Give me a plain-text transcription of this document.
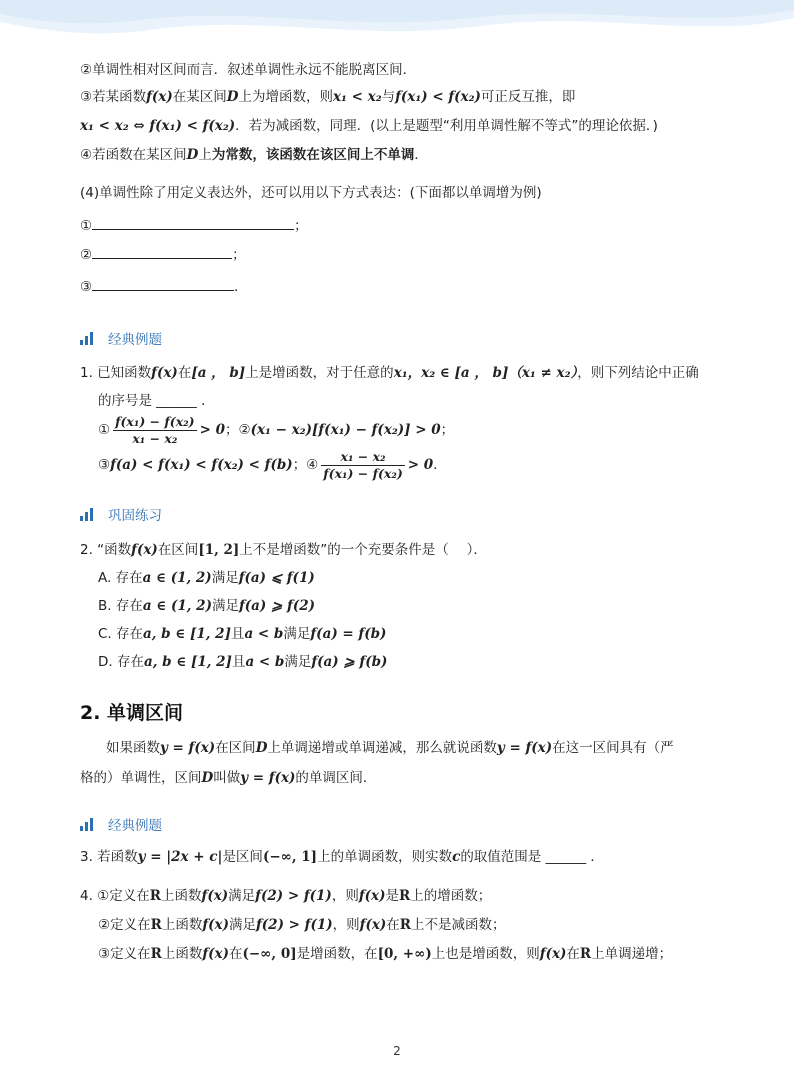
②单调性相对区间而言．叙述单调性永远不能脱离区间．
③若某函数f(x)在某区间D上为增函数，则x₁ < x₂与f(x₁) < f(x₂)可正反互推，即
x₁ < x₂ ⇔ f(x₁) < f(x₂)．若为减函数，同理．(以上是题型“利用单调性解不等式”的理论依据．)
④若函数在某区间D上为常数，该函数在该区间上不单调．
(4)单调性除了用定义表达外，还可以用以下方式表达：(下面都以单调增为例)
①	；
②	；
③	．
经典例题
1. 已知函数f(x)在[a ， b]上是增函数，对于任意的x₁，x₂ ∈ [a ， b]（x₁ ≠ x₂），则下列结论中正确
的序号是 ______ ．
① $\frac{\text{f(x₁) − f(x₂)}}{\text{x₁ − x₂}} > 0$；②(x₁ − x₂)[f(x₁) − f(x₂)] > 0；
③f(a) < f(x₁) < f(x₂) < f(b)；④ $\frac{\text{x₁ − x₂}}{\text{f(x₁) − f(x₂)}} > 0$．
巩固练习
2. “函数f(x)在区间[1, 2]上不是增函数”的一个充要条件是（　 ）．
A. 存在a ∈ (1, 2)满足f(a) ⩽ f(1)
B. 存在a ∈ (1, 2)满足f(a) ⩾ f(2)
C. 存在a, b ∈ [1, 2]且a < b满足f(a) = f(b)
D. 存在a, b ∈ [1, 2]且a < b满足f(a) ⩾ f(b)
2. 单调区间
如果函数y = f(x)在区间D上单调递增或单调递减，那么就说函数y = f(x)在这一区间具有（严
格的）单调性，区间D叫做y = f(x)的单调区间．
经典例题
3. 若函数y = |2x + c|是区间(−∞, 1]上的单调函数，则实数c的取值范围是 ______ ．
4. ①定义在R上函数f(x)满足f(2) > f(1)，则f(x)是R上的增函数；
②定义在R上函数f(x)满足f(2) > f(1)，则f(x)在R上不是减函数；
③定义在R上函数f(x)在(−∞, 0]是增函数，在[0, +∞)上也是增函数，则f(x)在R上单调递增；
2
